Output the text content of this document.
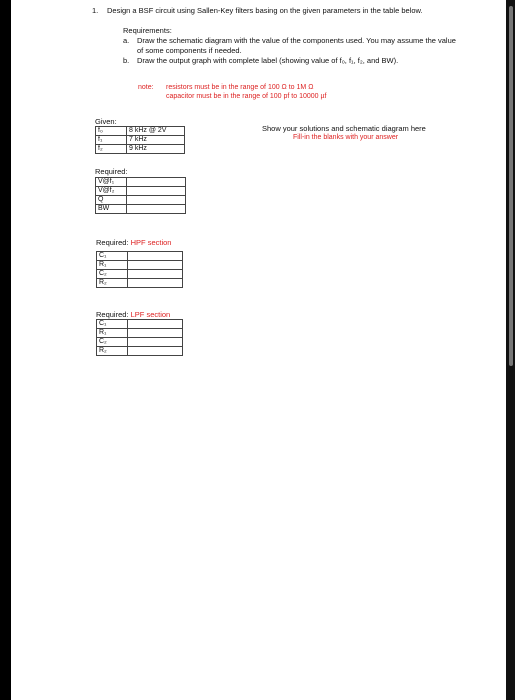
1. Design a BSF circuit using Sallen-Key filters basing on the given parameters in the table below.
Requirements:
a. Draw the schematic diagram with the value of the components used. You may assume the value of some components if needed.
b. Draw the output graph with complete label (showing value of f₀, f₁, f₂, and BW).
note: resistors must be in the range of 100 Ω to 1M Ω
capacitor must be in the range of 100 pf to 10000 µf
Given:
f₀	8 kHz @ 2V
f₁	7 kHz
f₂	9 kHz
Show your solutions and schematic diagram here
Fill-in the blanks with your answer
Required:
V@f₁	
V@f₂	
Q	
BW	
Required: HPF section
C₁	
R₁	
C₂	
R₂	
Required: LPF section
C₁	
R₁	
C₂	
R₂	
